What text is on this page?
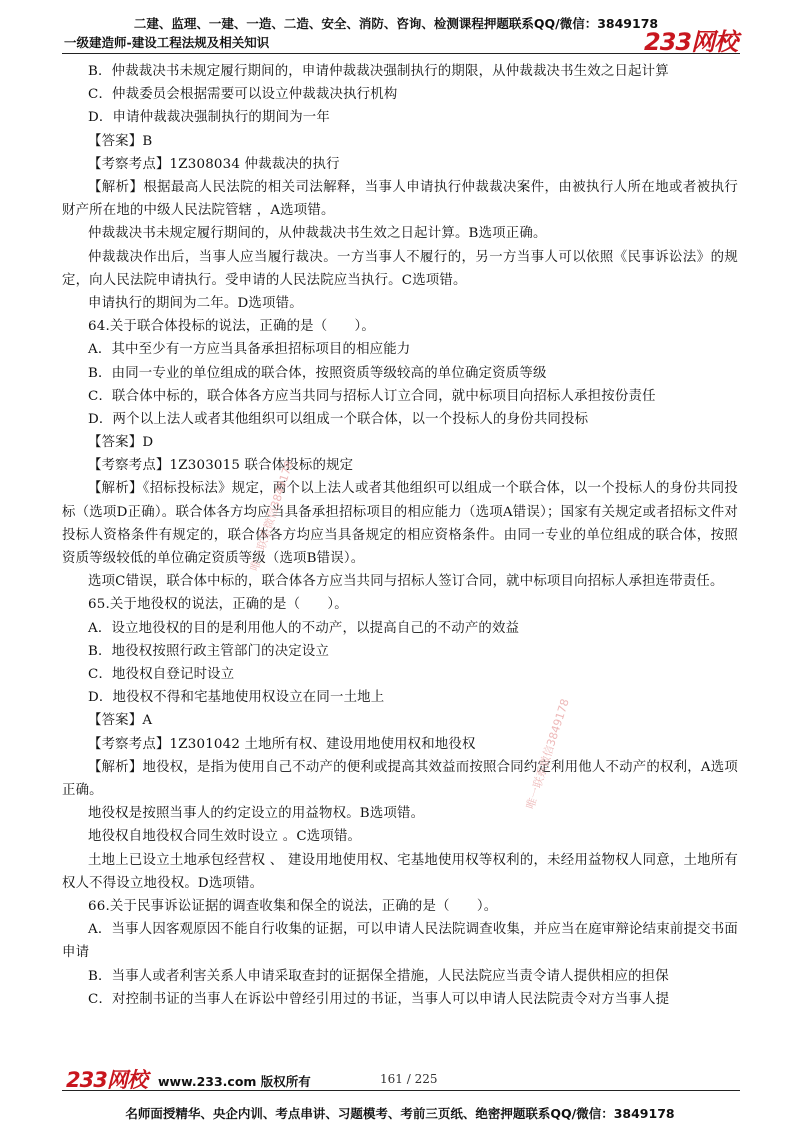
二建、监理、一建、一造、二造、安全、消防、咨询、检测课程押题联系QQ/微信：3849178
一级建造师-建设工程法规及相关知识	233网校
B．仲裁裁决书未规定履行期间的，申请仲裁裁决强制执行的期限，从仲裁裁决书生效之日起计算
C．仲裁委员会根据需要可以设立仲裁裁决执行机构
D．申请仲裁裁决强制执行的期间为一年
【答案】B
【考察考点】1Z308034 仲裁裁决的执行
【解析】根据最高人民法院的相关司法解释，当事人申请执行仲裁裁决案件，由被执行人所在地或者被执行财产所在地的中级人民法院管辖 ，A选项错。
仲裁裁决书未规定履行期间的，从仲裁裁决书生效之日起计算。B选项正确。
仲裁裁决作出后，当事人应当履行裁决。一方当事人不履行的，另一方当事人可以依照《民事诉讼法》的规定，向人民法院申请执行。受申请的人民法院应当执行。C选项错。
申请执行的期间为二年。D选项错。
64.关于联合体投标的说法，正确的是（　　）。
A．其中至少有一方应当具备承担招标项目的相应能力
B．由同一专业的单位组成的联合体，按照资质等级较高的单位确定资质等级
C．联合体中标的，联合体各方应当共同与招标人订立合同，就中标项目向招标人承担按份责任
D．两个以上法人或者其他组织可以组成一个联合体，以一个投标人的身份共同投标
【答案】D
【考察考点】1Z303015 联合体投标的规定
【解析】《招标投标法》规定，两个以上法人或者其他组织可以组成一个联合体，以一个投标人的身份共同投标（选项D正确）。联合体各方均应当具备承担招标项目的相应能力（选项A错误）；国家有关规定或者招标文件对投标人资格条件有规定的，联合体各方均应当具备规定的相应资格条件。由同一专业的单位组成的联合体，按照资质等级较低的单位确定资质等级（选项B错误）。
选项C错误，联合体中标的，联合体各方应当共同与招标人签订合同，就中标项目向招标人承担连带责任。
65.关于地役权的说法，正确的是（　　）。
A．设立地役权的目的是利用他人的不动产，以提高自己的不动产的效益
B．地役权按照行政主管部门的决定设立
C．地役权自登记时设立
D．地役权不得和宅基地使用权设立在同一土地上
【答案】A
【考察考点】1Z301042 土地所有权、建设用地使用权和地役权
【解析】地役权，是指为使用自己不动产的便利或提高其效益而按照合同约定利用他人不动产的权利，A选项正确。
地役权是按照当事人的约定设立的用益物权。B选项错。
地役权自地役权合同生效时设立 。C选项错。
土地上已设立土地承包经营权 、 建设用地使用权、宅基地使用权等权利的，未经用益物权人同意，土地所有权人不得设立地役权。D选项错。
66.关于民事诉讼证据的调查收集和保全的说法，正确的是（　　）。
A．当事人因客观原因不能自行收集的证据，可以申请人民法院调查收集，并应当在庭审辩论结束前提交书面申请
B．当事人或者利害关系人申请采取查封的证据保全措施，人民法院应当责令请人提供相应的担保
C．对控制书证的当事人在诉讼中曾经引用过的书证，当事人可以申请人民法院责令对方当事人提
唯一联系微信3849178
唯一联系微信3849178
233网校 www.233.com 版权所有	161 / 225
名师面授精华、央企内训、考点串讲、习题模考、考前三页纸、绝密押题联系QQ/微信：3849178
